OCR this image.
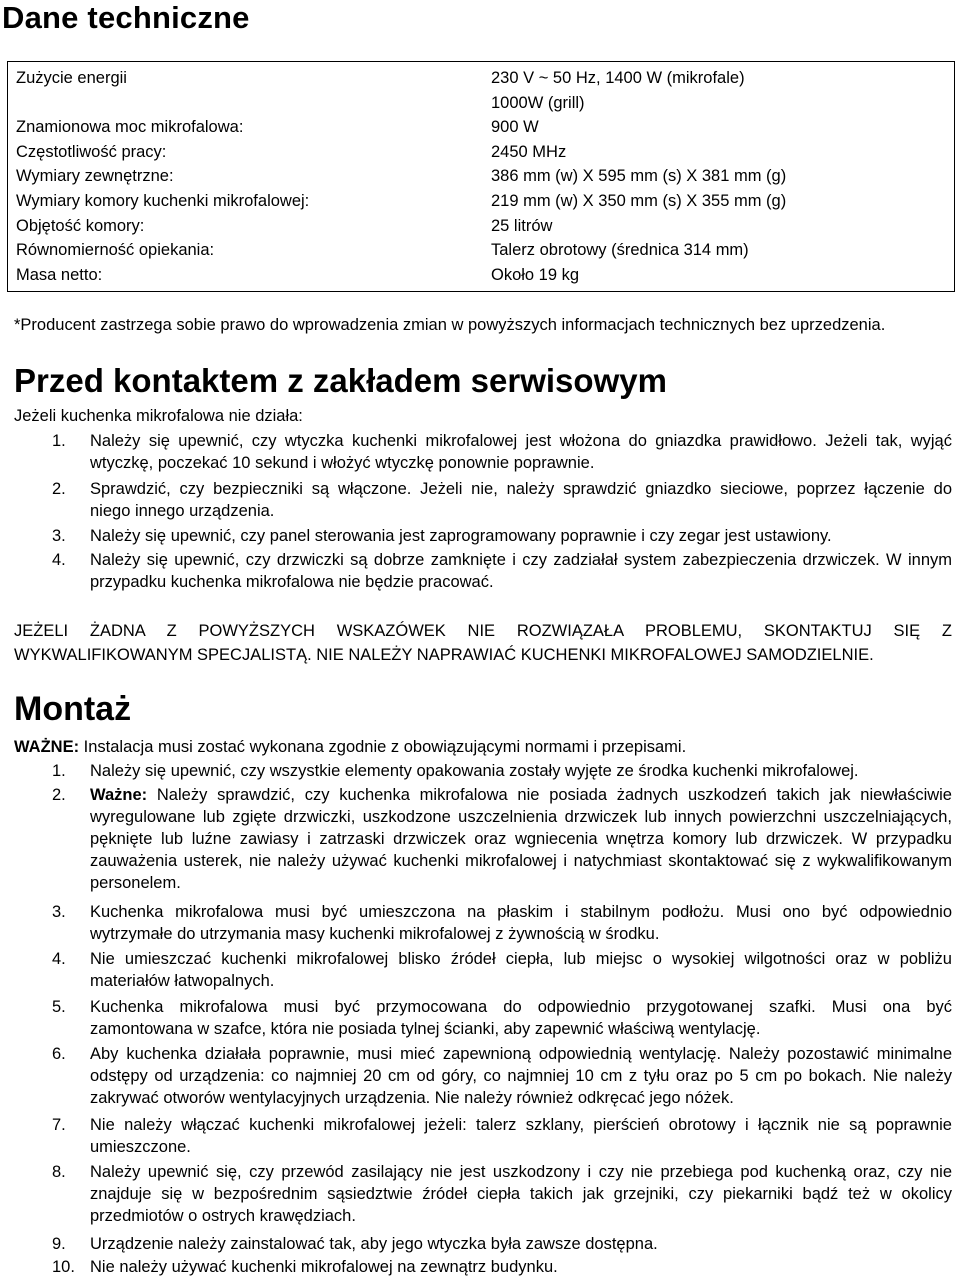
Dane techniczne
Zużycie energii	230 V ~ 50 Hz, 1400 W (mikrofale)
1000W (grill)
Znamionowa moc mikrofalowa:	900 W
Częstotliwość pracy:	2450 MHz
Wymiary zewnętrzne:	386 mm (w) X 595 mm (s) X 381 mm (g)
Wymiary komory kuchenki mikrofalowej:	219 mm (w) X 350 mm (s) X 355 mm (g)
Objętość komory:	25 litrów
Równomierność opiekania:	Talerz obrotowy (średnica 314 mm)
Masa netto:	Około 19 kg
*Producent zastrzega sobie prawo do wprowadzenia zmian w powyższych informacjach technicznych bez uprzedzenia.
Przed kontaktem z zakładem serwisowym
Jeżeli kuchenka mikrofalowa nie działa:
1.	Należy się upewnić, czy wtyczka kuchenki mikrofalowej jest włożona do gniazdka prawidłowo. Jeżeli tak, wyjąć
wtyczkę, poczekać 10 sekund i włożyć wtyczkę ponownie poprawnie.
2.	Sprawdzić, czy bezpieczniki są włączone. Jeżeli nie, należy sprawdzić gniazdko sieciowe, poprzez łączenie do
niego innego urządzenia.
3.	Należy się upewnić, czy panel sterowania jest zaprogramowany poprawnie i czy zegar jest ustawiony.
4.	Należy się upewnić, czy drzwiczki są dobrze zamknięte i czy zadziałał system zabezpieczenia drzwiczek. W innym
przypadku kuchenka mikrofalowa nie będzie pracować.
JEŻELI ŻADNA Z POWYŻSZYCH WSKAZÓWEK NIE ROZWIĄZAŁA PROBLEMU, SKONTAKTUJ SIĘ Z
WYKWALIFIKOWANYM SPECJALISTĄ. NIE NALEŻY NAPRAWIAĆ KUCHENKI MIKROFALOWEJ SAMODZIELNIE.
Montaż
WAŻNE: Instalacja musi zostać wykonana zgodnie z obowiązującymi normami i przepisami.
1.	Należy się upewnić, czy wszystkie elementy opakowania zostały wyjęte ze środka kuchenki mikrofalowej.
2.	Ważne: Należy sprawdzić, czy kuchenka mikrofalowa nie posiada żadnych uszkodzeń takich jak niewłaściwie
wyregulowane lub zgięte drzwiczki, uszkodzone uszczelnienia drzwiczek lub innych powierzchni uszczelniających,
pęknięte lub luźne zawiasy i zatrzaski drzwiczek oraz wgniecenia wnętrza komory lub drzwiczek. W przypadku
zauważenia usterek, nie należy używać kuchenki mikrofalowej i natychmiast skontaktować się z wykwalifikowanym
personelem.
3.	Kuchenka mikrofalowa musi być umieszczona na płaskim i stabilnym podłożu. Musi ono być odpowiednio
wytrzymałe do utrzymania masy kuchenki mikrofalowej z żywnością w środku.
4.	Nie umieszczać kuchenki mikrofalowej blisko źródeł ciepła, lub miejsc o wysokiej wilgotności oraz w pobliżu
materiałów łatwopalnych.
5.	Kuchenka mikrofalowa musi być przymocowana do odpowiednio przygotowanej szafki. Musi ona być
zamontowana w szafce, która nie posiada tylnej ścianki, aby zapewnić właściwą wentylację.
6.	Aby kuchenka działała poprawnie, musi mieć zapewnioną odpowiednią wentylację. Należy pozostawić minimalne
odstępy od urządzenia: co najmniej 20 cm od góry, co najmniej 10 cm z tyłu oraz po 5 cm po bokach. Nie należy
zakrywać otworów wentylacyjnych urządzenia. Nie należy również odkręcać jego nóżek.
7.	Nie należy włączać kuchenki mikrofalowej jeżeli: talerz szklany, pierścień obrotowy i łącznik nie są poprawnie
umieszczone.
8.	Należy upewnić się, czy przewód zasilający nie jest uszkodzony i czy nie przebiega pod kuchenką oraz, czy nie
znajduje się w bezpośrednim sąsiedztwie źródeł ciepła takich jak grzejniki, czy piekarniki bądź też w okolicy
przedmiotów o ostrych krawędziach.
9.	Urządzenie należy zainstalować tak, aby jego wtyczka była zawsze dostępna.
10. Nie należy używać kuchenki mikrofalowej na zewnątrz budynku.
